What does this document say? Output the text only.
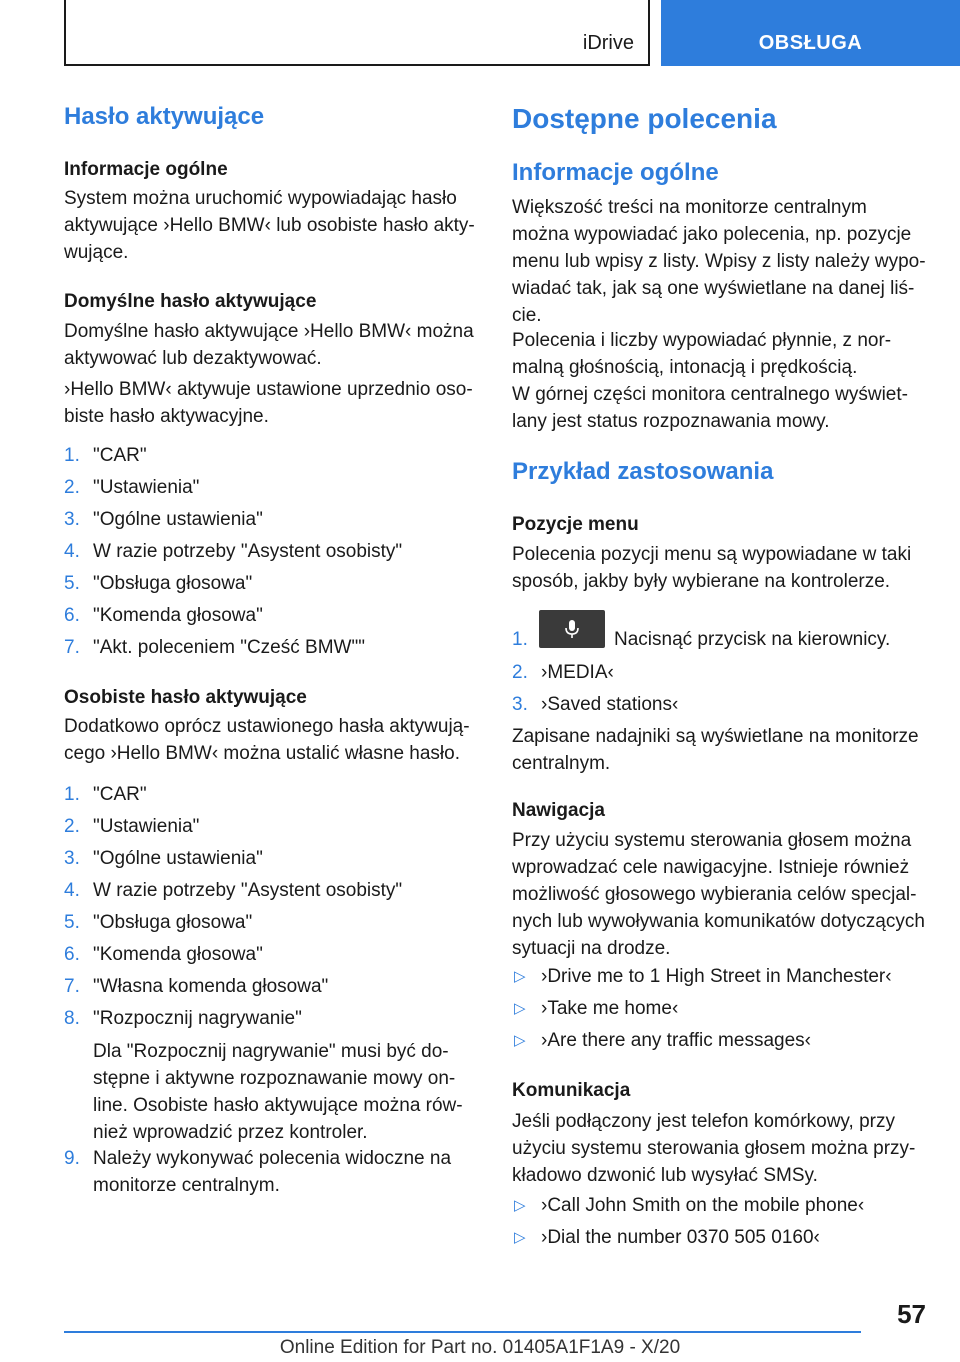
iDrive	OBSŁUGA
Hasło aktywujące
Informacje ogólne
System można uruchomić wypowiadając hasło
aktywujące ›Hello BMW‹ lub osobiste hasło akty‐
wujące.
Domyślne hasło aktywujące
Domyślne hasło aktywujące ›Hello BMW‹ można
aktywować lub dezaktywować.
›Hello BMW‹ aktywuje ustawione uprzednio oso‐
biste hasło aktywacyjne.
1. "CAR"
2. "Ustawienia"
3. "Ogólne ustawienia"
4. W razie potrzeby "Asystent osobisty"
5. "Obsługa głosowa"
6. "Komenda głosowa"
7. "Akt. poleceniem "Cześć BMW""
Osobiste hasło aktywujące
Dodatkowo oprócz ustawionego hasła aktywują‐
cego ›Hello BMW‹ można ustalić własne hasło.
1. "CAR"
2. "Ustawienia"
3. "Ogólne ustawienia"
4. W razie potrzeby "Asystent osobisty"
5. "Obsługa głosowa"
6. "Komenda głosowa"
7. "Własna komenda głosowa"
8. "Rozpocznij nagrywanie"
Dla "Rozpocznij nagrywanie" musi być do‐
stępne i aktywne rozpoznawanie mowy on‐
line. Osobiste hasło aktywujące można rów‐
nież wprowadzić przez kontroler.
9. Należy wykonywać polecenia widoczne na
monitorze centralnym.
Dostępne polecenia
Informacje ogólne
Większość treści na monitorze centralnym
można wypowiadać jako polecenia, np. pozycje
menu lub wpisy z listy. Wpisy z listy należy wypo‐
wiadać tak, jak są one wyświetlane na danej liś‐
cie.
Polecenia i liczby wypowiadać płynnie, z nor‐
malną głośnością, intonacją i prędkością.
W górnej części monitora centralnego wyświet‐
lany jest status rozpoznawania mowy.
Przykład zastosowania
Pozycje menu
Polecenia pozycji menu są wypowiadane w taki
sposób, jakby były wybierane na kontrolerze.
1.	Nacisnąć przycisk na kierownicy.
2. ›MEDIA‹
3. ›Saved stations‹
Zapisane nadajniki są wyświetlane na monitorze
centralnym.
Nawigacja
Przy użyciu systemu sterowania głosem można
wprowadzać cele nawigacyjne. Istnieje również
możliwość głosowego wybierania celów specjal‐
nych lub wywoływania komunikatów dotyczących
sytuacji na drodze.
▷ ›Drive me to 1 High Street in Manchester‹
▷ ›Take me home‹
▷ ›Are there any traffic messages‹
Komunikacja
Jeśli podłączony jest telefon komórkowy, przy
użyciu systemu sterowania głosem można przy‐
kładowo dzwonić lub wysyłać SMSy.
▷ ›Call John Smith on the mobile phone‹
▷ ›Dial the number 0370 505 0160‹
57
Online Edition for Part no. 01405A1F1A9 - X/20
